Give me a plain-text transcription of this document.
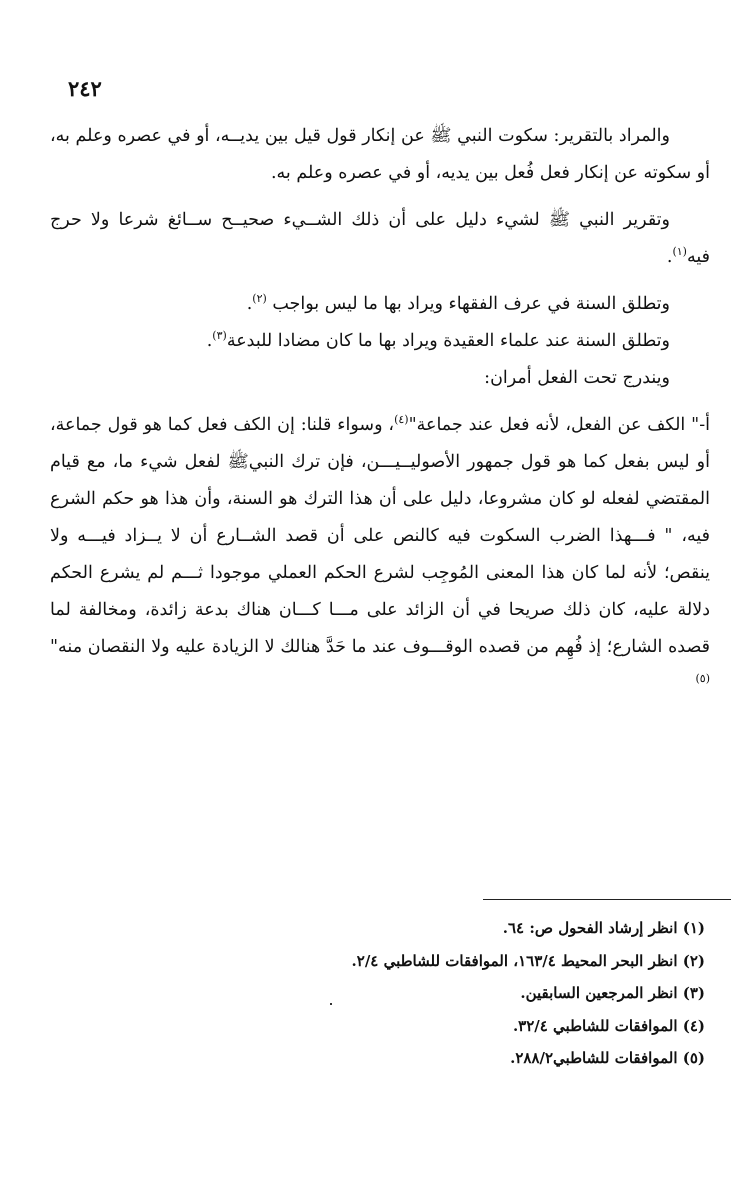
٢٤٢

والمراد بالتقرير: سكوت النبي ﷺ عن إنكار قول قيل بين يديــه، أو في عصره وعلم به، أو سكوته عن إنكار فعل فُعل بين يديه، أو في عصره وعلم به.

وتقرير النبي ﷺ لشيء دليل على أن ذلك الشــيء صحيــح ســائغ شرعا ولا حرج فيه$^{(١)}$.

وتطلق السنة في عرف الفقهاء ويراد بها ما ليس بواجب $^{(٢)}$.

وتطلق السنة عند علماء العقيدة ويراد بها ما كان مضادا للبدعة$^{(٣)}$.

ويندرج تحت الفعل أمران:

أ-" الكف عن الفعل، لأنه فعل عند جماعة"$^{(٤)}$، وسواء قلنا: إن الكف فعل كما هو قول جماعة، أو ليس بفعل كما هو قول جمهور الأصوليــيـــن، فإن ترك النبيﷺ لفعل شيء ما، مع قيام المقتضي لفعله لو كان مشروعا، دليل على أن هذا الترك هو السنة، وأن هذا هو حكم الشرع فيه، " فـــهذا الضرب السكوت فيه كالنص على أن قصد الشــارع أن لا يــزاد فيـــه ولا ينقص؛ لأنه لما كان هذا المعنى المُوجِب لشرع الحكم العملي موجودا ثـــم لم يشرع الحكم دلالة عليه، كان ذلك صريحا في أن الزائد على مـــا كـــان هناك بدعة زائدة، ومخالفة لما قصده الشارع؛ إذ فُهِم من قصده الوقـــوف عند ما حَدَّ هنالك لا الزيادة عليه ولا النقصان منه"$^{(٥)}$

(١) انظر إرشاد الفحول ص: ٦٤.
(٢) انظر البحر المحيط ١٦٣/٤، الموافقات للشاطبي ٢/٤.
(٣) انظر المرجعين السابقين.
(٤) الموافقات للشاطبي ٣٢/٤.
(٥) الموافقات للشاطبي٢٨٨/٢.
